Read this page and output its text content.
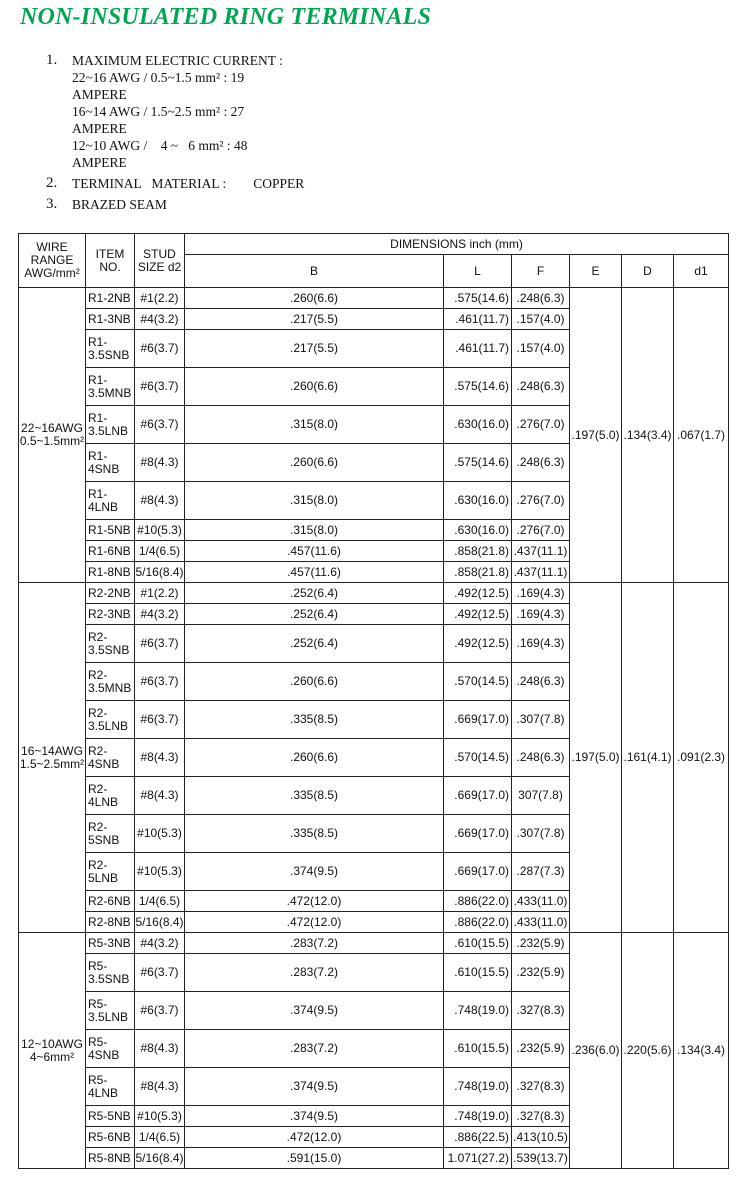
NON-INSULATED RING TERMINALS
1. MAXIMUM ELECTRIC CURRENT :
22~16 AWG / 0.5~1.5 mm² : 19
AMPERE
16~14 AWG / 1.5~2.5 mm² : 27
AMPERE
12~10 AWG /    4 ~   6 mm² : 48
AMPERE
2. TERMINAL   MATERIAL :        COPPER
3. BRAZED SEAM
WIRE RANGE AWG/mm²	ITEM NO.	STUD SIZE d2	DIMENSIONS inch (mm)					
			B	L	F	E	D	d1

22~16AWG
0.5~1.5mm²	R1-2NB	#1(2.2)	.260(6.6)	.575(14.6)	.248(6.3)	.197(5.0)	.134(3.4)	.067(1.7)
	R1-3NB	#4(3.2)	.217(5.5)	.461(11.7)	.157(4.0)			
	R1-3.5SNB	#6(3.7)	.217(5.5)	.461(11.7)	.157(4.0)			
	R1-3.5MNB	#6(3.7)	.260(6.6)	.575(14.6)	.248(6.3)			
	R1-3.5LNB	#6(3.7)	.315(8.0)	.630(16.0)	.276(7.0)			
	R1-4SNB	#8(4.3)	.260(6.6)	.575(14.6)	.248(6.3)			
	R1-4LNB	#8(4.3)	.315(8.0)	.630(16.0)	.276(7.0)			
	R1-5NB	#10(5.3)	.315(8.0)	.630(16.0)	.276(7.0)			
	R1-6NB	1/4(6.5)	.457(11.6)	.858(21.8)	.437(11.1)			
	R1-8NB	5/16(8.4)	.457(11.6)	.858(21.8)	.437(11.1)			

16~14AWG
1.5~2.5mm²	R2-2NB	#1(2.2)	.252(6.4)	.492(12.5)	.169(4.3)	.197(5.0)	.161(4.1)	.091(2.3)
	R2-3NB	#4(3.2)	.252(6.4)	.492(12.5)	.169(4.3)			
	R2-3.5SNB	#6(3.7)	.252(6.4)	.492(12.5)	.169(4.3)			
	R2-3.5MNB	#6(3.7)	.260(6.6)	.570(14.5)	.248(6.3)			
	R2-3.5LNB	#6(3.7)	.335(8.5)	.669(17.0)	.307(7.8)			
	R2-4SNB	#8(4.3)	.260(6.6)	.570(14.5)	.248(6.3)			
	R2-4LNB	#8(4.3)	.335(8.5)	.669(17.0)	307(7.8)			
	R2-5SNB	#10(5.3)	.335(8.5)	.669(17.0)	.307(7.8)			
	R2-5LNB	#10(5.3)	.374(9.5)	.669(17.0)	.287(7.3)			
	R2-6NB	1/4(6.5)	.472(12.0)	.886(22.0)	.433(11.0)			
	R2-8NB	5/16(8.4)	.472(12.0)	.886(22.0)	.433(11.0)			

12~10AWG
4~6mm²	R5-3NB	#4(3.2)	.283(7.2)	.610(15.5)	.232(5.9)	.236(6.0)	.220(5.6)	.134(3.4)
	R5-3.5SNB	#6(3.7)	.283(7.2)	.610(15.5)	.232(5.9)			
	R5-3.5LNB	#6(3.7)	.374(9.5)	.748(19.0)	.327(8.3)			
	R5-4SNB	#8(4.3)	.283(7.2)	.610(15.5)	.232(5.9)			
	R5-4LNB	#8(4.3)	.374(9.5)	.748(19.0)	.327(8.3)			
	R5-5NB	#10(5.3)	.374(9.5)	.748(19.0)	.327(8.3)			
	R5-6NB	1/4(6.5)	.472(12.0)	.886(22.5)	.413(10.5)			
	R5-8NB	5/16(8.4)	.591(15.0)	1.071(27.2)	.539(13.7)			
